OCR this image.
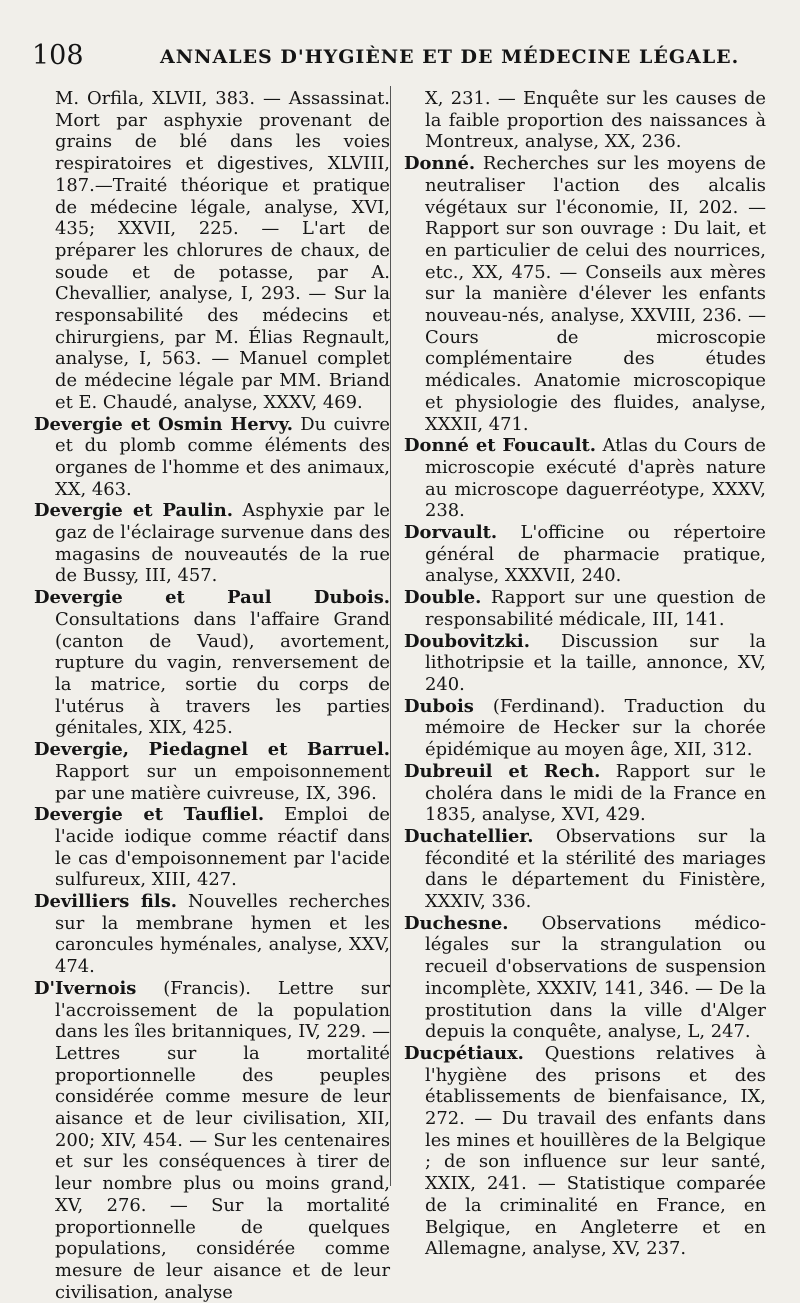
108	ANNALES D'HYGIÈNE ET DE MÉDECINE LÉGALE.

M. Orfila, XLVII, 383. — Assassinat. Mort par asphyxie provenant de grains de blé dans les voies respiratoires et digestives, XLVIII, 187.—Traité théorique et pratique de médecine légale, analyse, XVI, 435; XXVII, 225. — L'art de préparer les chlorures de chaux, de soude et de potasse, par A. Chevallier, analyse, I, 293. — Sur la responsabilité des médecins et chirurgiens, par M. Élias Regnault, analyse, I, 563. — Manuel complet de médecine légale par MM. Briand et E. Chaudé, analyse, XXXV, 469.

Devergie et Osmin Hervy. Du cuivre et du plomb comme éléments des organes de l'homme et des animaux, XX, 463.

Devergie et Paulin. Asphyxie par le gaz de l'éclairage survenue dans des magasins de nouveautés de la rue de Bussy, III, 457.

Devergie et Paul Dubois. Consultations dans l'affaire Grand (canton de Vaud), avortement, rupture du vagin, renversement de la matrice, sortie du corps de l'utérus à travers les parties génitales, XIX, 425.

Devergie, Piedagnel et Barruel. Rapport sur un empoisonnement par une matière cuivreuse, IX, 396.

Devergie et Taufliel. Emploi de l'acide iodique comme réactif dans le cas d'empoisonnement par l'acide sulfureux, XIII, 427.

Devilliers fils. Nouvelles recherches sur la membrane hymen et les caroncules hyménales, analyse, XXV, 474.

D'Ivernois (Francis). Lettre sur l'accroissement de la population dans les îles britanniques, IV, 229. — Lettres sur la mortalité proportionnelle des peuples considérée comme mesure de leur aisance et de leur civilisation, XII, 200; XIV, 454. — Sur les centenaires et sur les conséquences à tirer de leur nombre plus ou moins grand, XV, 276. — Sur la mortalité proportionnelle de quelques populations, considérée comme mesure de leur aisance et de leur civilisation, analyse

X, 231. — Enquête sur les causes de la faible proportion des naissances à Montreux, analyse, XX, 236.

Donné. Recherches sur les moyens de neutraliser l'action des alcalis végétaux sur l'économie, II, 202. — Rapport sur son ouvrage : Du lait, et en particulier de celui des nourrices, etc., XX, 475. — Conseils aux mères sur la manière d'élever les enfants nouveau-nés, analyse, XXVIII, 236. — Cours de microscopie complémentaire des études médicales. Anatomie microscopique et physiologie des fluides, analyse, XXXII, 471.

Donné et Foucault. Atlas du Cours de microscopie exécuté d'après nature au microscope daguerréotype, XXXV, 238.

Dorvault. L'officine ou répertoire général de pharmacie pratique, analyse, XXXVII, 240.

Double. Rapport sur une question de responsabilité médicale, III, 141.

Doubovitzki. Discussion sur la lithotripsie et la taille, annonce, XV, 240.

Dubois (Ferdinand). Traduction du mémoire de Hecker sur la chorée épidémique au moyen âge, XII, 312.

Dubreuil et Rech. Rapport sur le choléra dans le midi de la France en 1835, analyse, XVI, 429.

Duchatellier. Observations sur la fécondité et la stérilité des mariages dans le département du Finistère, XXXIV, 336.

Duchesne. Observations médico-légales sur la strangulation ou recueil d'observations de suspension incomplète, XXXIV, 141, 346. — De la prostitution dans la ville d'Alger depuis la conquête, analyse, L, 247.

Ducpétiaux. Questions relatives à l'hygiène des prisons et des établissements de bienfaisance, IX, 272. — Du travail des enfants dans les mines et houillères de la Belgique ; de son influence sur leur santé, XXIX, 241. — Statistique comparée de la criminalité en France, en Belgique, en Angleterre et en Allemagne, analyse, XV, 237.
